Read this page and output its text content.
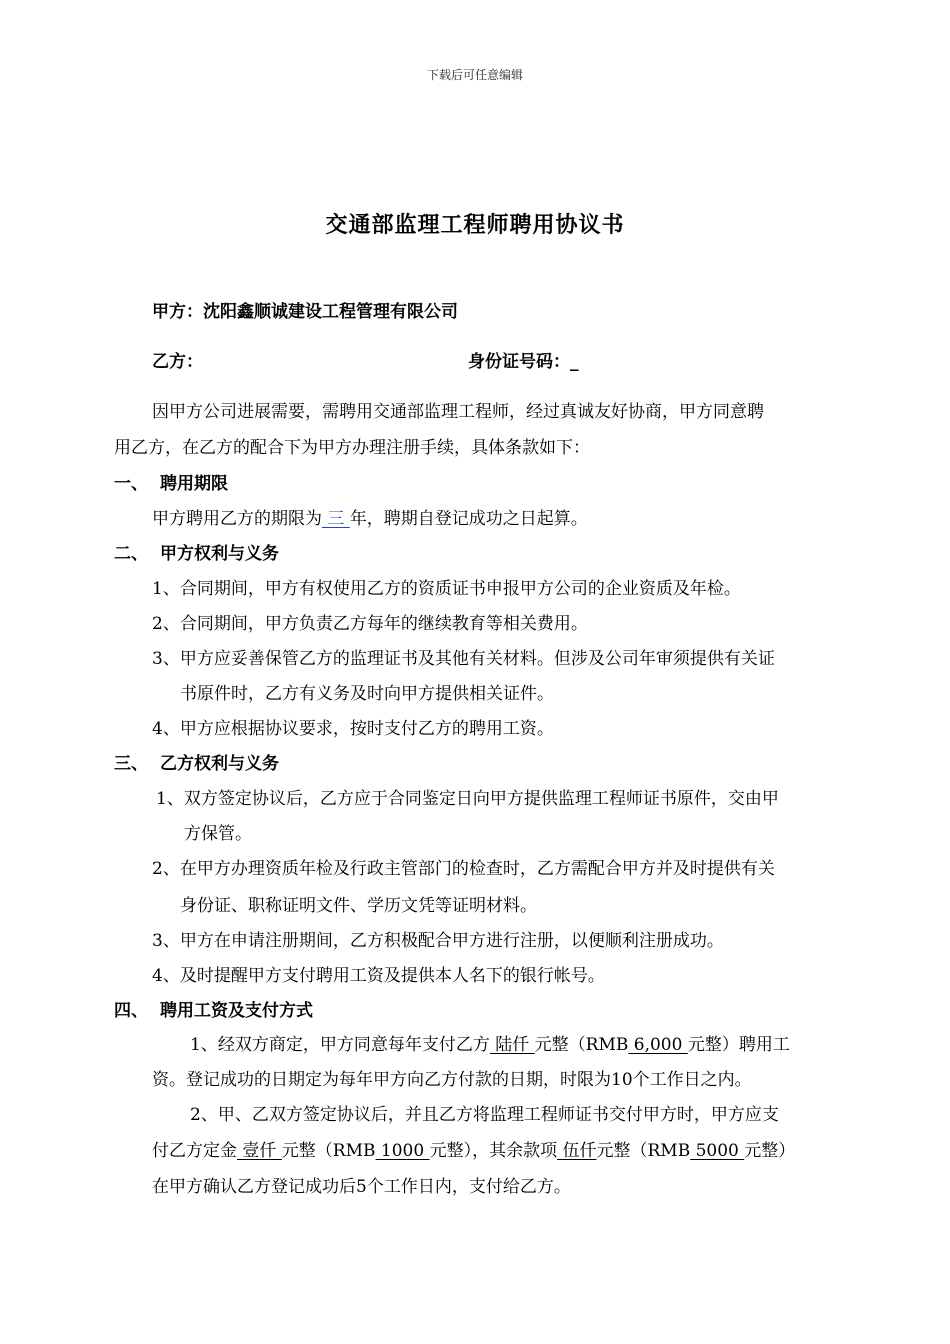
下载后可任意编辑
交通部监理工程师聘用协议书
甲方：沈阳鑫顺诚建设工程管理有限公司
乙方：	身份证号码：_
因甲方公司进展需要，需聘用交通部监理工程师，经过真诚友好协商，甲方同意聘
用乙方，在乙方的配合下为甲方办理注册手续，具体条款如下：
一、 聘用期限
甲方聘用乙方的期限为 三 年，聘期自登记成功之日起算。
二、 甲方权利与义务
1、合同期间，甲方有权使用乙方的资质证书申报甲方公司的企业资质及年检。
2、合同期间，甲方负责乙方每年的继续教育等相关费用。
3、甲方应妥善保管乙方的监理证书及其他有关材料。但涉及公司年审须提供有关证
书原件时，乙方有义务及时向甲方提供相关证件。
4、甲方应根据协议要求，按时支付乙方的聘用工资。
三、 乙方权利与义务
1、双方签定协议后，乙方应于合同鉴定日向甲方提供监理工程师证书原件，交由甲
方保管。
2、在甲方办理资质年检及行政主管部门的检查时，乙方需配合甲方并及时提供有关
身份证、职称证明文件、学历文凭等证明材料。
3、甲方在申请注册期间，乙方积极配合甲方进行注册，以便顺利注册成功。
4、及时提醒甲方支付聘用工资及提供本人名下的银行帐号。
四、 聘用工资及支付方式
1、经双方商定，甲方同意每年支付乙方 陆仟 元整（RMB 6,000 元整）聘用工
资。登记成功的日期定为每年甲方向乙方付款的日期，时限为10个工作日之内。
2、甲、乙双方签定协议后，并且乙方将监理工程师证书交付甲方时，甲方应支
付乙方定金 壹仟 元整（RMB 1000 元整），其余款项 伍仟元整（RMB 5000 元整）
在甲方确认乙方登记成功后5个工作日内，支付给乙方。
